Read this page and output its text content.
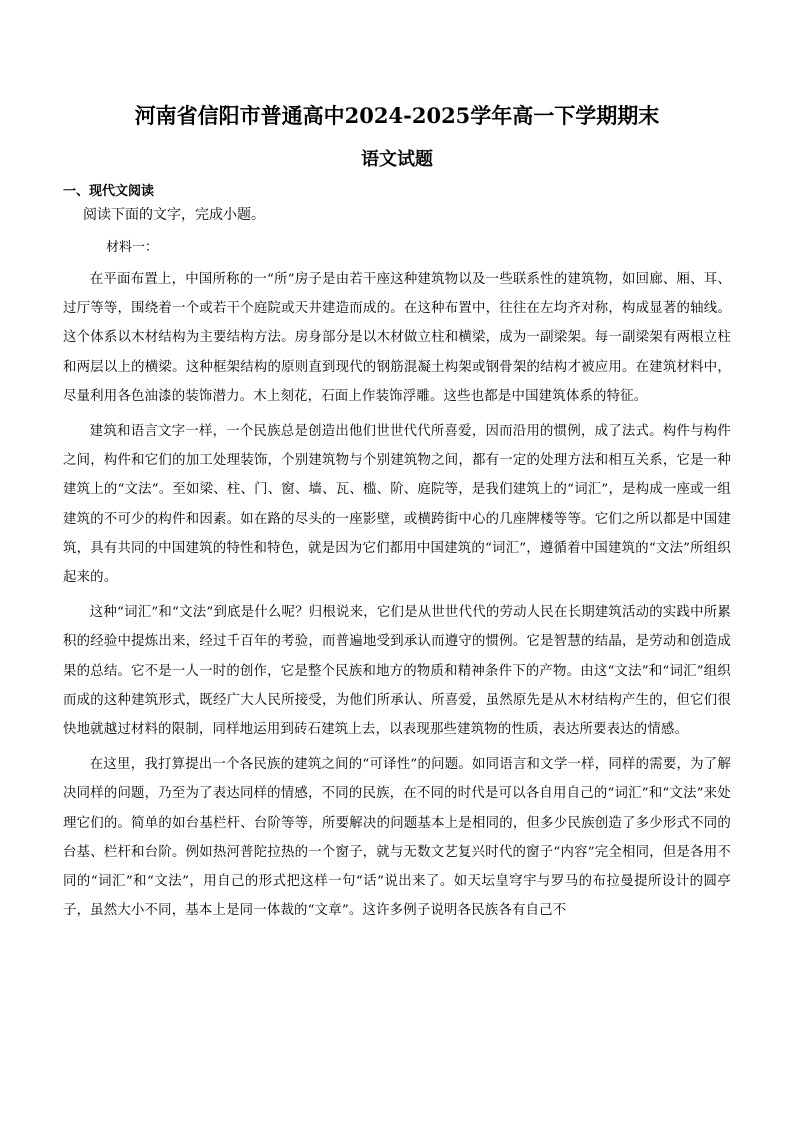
河南省信阳市普通高中2024-2025学年高一下学期期末
语文试题
一、现代文阅读
阅读下面的文字，完成小题。
材料一：

在平面布置上，中国所称的一“所”房子是由若干座这种建筑物以及一些联系性的建筑物，如回廊、厢、耳、过厅等等，围绕着一个或若干个庭院或天井建造而成的。在这种布置中，往往在左均齐对称，构成显著的轴线。这个体系以木材结构为主要结构方法。房身部分是以木材做立柱和横梁，成为一副梁架。每一副梁架有两根立柱和两层以上的横梁。这种框架结构的原则直到现代的钢筋混凝土构架或钢骨架的结构才被应用。在建筑材料中，尽量利用各色油漆的装饰潜力。木上刻花，石面上作装饰浮雕。这些也都是中国建筑体系的特征。

建筑和语言文字一样，一个民族总是创造出他们世世代代所喜爱，因而沿用的惯例，成了法式。构件与构件之间，构件和它们的加工处理装饰，个别建筑物与个别建筑物之间，都有一定的处理方法和相互关系，它是一种建筑上的“文法”。至如梁、柱、门、窗、墙、瓦、槛、阶、庭院等，是我们建筑上的“词汇”，是构成一座或一组建筑的不可少的构件和因素。如在路的尽头的一座影壁，或横跨街中心的几座牌楼等等。它们之所以都是中国建筑，具有共同的中国建筑的特性和特色，就是因为它们都用中国建筑的“词汇”，遵循着中国建筑的“文法”所组织起来的。

这种“词汇”和“文法”到底是什么呢？归根说来，它们是从世世代代的劳动人民在长期建筑活动的实践中所累积的经验中提炼出来，经过千百年的考验，而普遍地受到承认而遵守的惯例。它是智慧的结晶，是劳动和创造成果的总结。它不是一人一时的创作，它是整个民族和地方的物质和精神条件下的产物。由这“文法”和“词汇”组织而成的这种建筑形式，既经广大人民所接受，为他们所承认、所喜爱，虽然原先是从木材结构产生的，但它们很快地就越过材料的限制，同样地运用到砖石建筑上去，以表现那些建筑物的性质，表达所要表达的情感。

在这里，我打算提出一个各民族的建筑之间的“可译性”的问题。如同语言和文学一样，同样的需要，为了解决同样的问题，乃至为了表达同样的情感，不同的民族，在不同的时代是可以各自用自己的“词汇”和“文法”来处理它们的。简单的如台基栏杆、台阶等等，所要解决的问题基本上是相同的，但多少民族创造了多少形式不同的台基、栏杆和台阶。例如热河普陀拉热的一个窗子，就与无数文艺复兴时代的窗子“内容”完全相同，但是各用不同的“词汇”和“文法”，用自己的形式把这样一句“话”说出来了。如天坛皇穹宇与罗马的布拉曼提所设计的圆亭子，虽然大小不同，基本上是同一体裁的“文章”。这许多例子说明各民族各有自己不
